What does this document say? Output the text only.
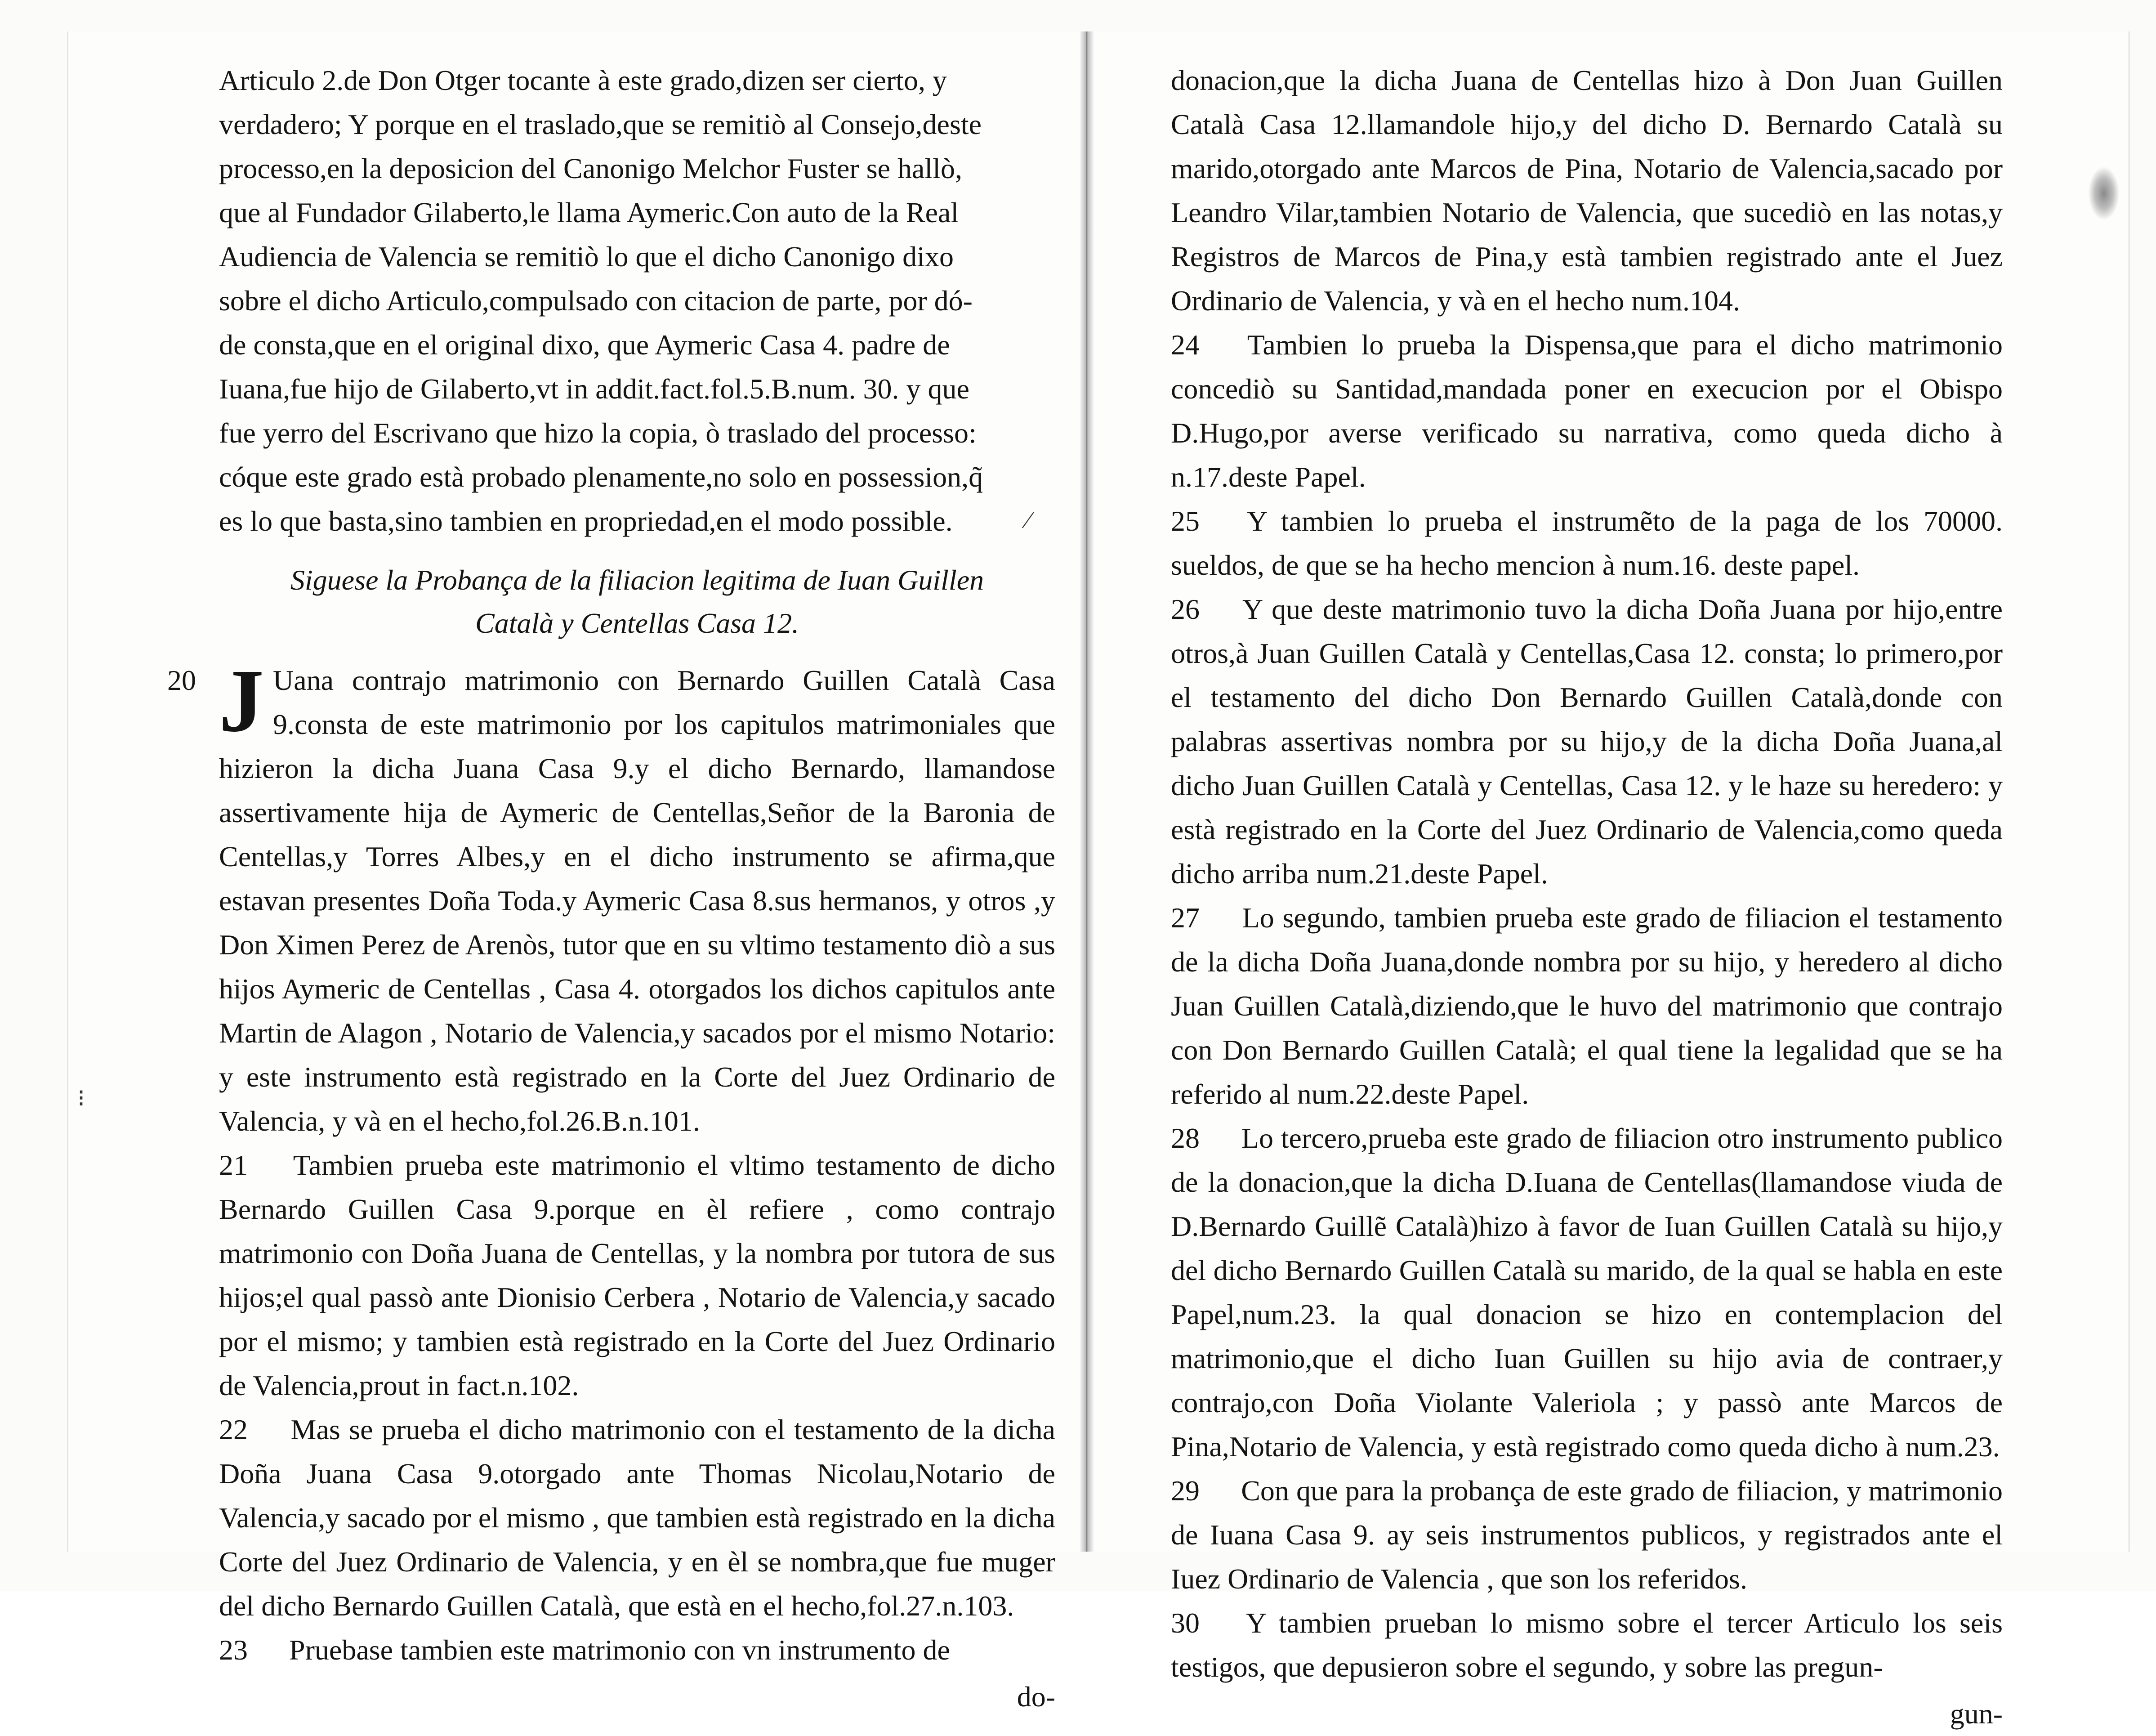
⁝
⁄

Articulo 2.de Don Otger tocante à este grado,dizen ser cierto, y

verdadero; Y porque en el traslado,que se remitiò al Consejo,deste

processo,en la deposicion del Canonigo Melchor Fuster se hallò,

que al Fundador Gilaberto,le llama Aymeric.Con auto de la Real

Audiencia de Valencia se remitiò lo que el dicho Canonigo dixo

sobre el dicho Articulo,compulsado con citacion de parte, por dó-

de consta,que en el original dixo, que Aymeric Casa 4. padre de

Iuana,fue hijo de Gilaberto,vt in addit.fact.fol.5.B.num. 30. y que

fue yerro del Escrivano que hizo la copia, ò traslado del processo:

cóque este grado està probado plenamente,no solo en possession,q̃

es lo que basta,sino tambien en propriedad,en el modo possible.

Siguese la Probança de la filiacion legitima de Iuan Guillen
Català y Centellas Casa 12.

20 J Uana contrajo matrimonio con Bernardo Guillen Català Casa 9.consta de este matrimonio por los capitulos matrimoniales que hizieron la dicha Juana Casa 9.y el dicho Bernardo, llamandose assertivamente hija de Aymeric de Centellas,Señor de la Baronia de Centellas,y Torres Albes,y en el dicho instrumento se afirma,que estavan presentes Doña Toda.y Aymeric Casa 8.sus hermanos, y otros ,y Don Ximen Perez de Arenòs, tutor que en su vltimo testamento diò a sus hijos Aymeric de Centellas , Casa 4. otorgados los dichos capitulos ante Martin de Alagon , Notario de Valencia,y sacados por el mismo Notario: y este instrumento està registrado en la Corte del Juez Ordinario de Valencia, y và en el hecho,fol.26.B.n.101.

21 Tambien prueba este matrimonio el vltimo testamento de dicho Bernardo Guillen Casa 9.porque en èl refiere , como contrajo matrimonio con Doña Juana de Centellas, y la nombra por tutora de sus hijos;el qual passò ante Dionisio Cerbera , Notario de Valencia,y sacado por el mismo; y tambien està registrado en la Corte del Juez Ordinario de Valencia,prout in fact.n.102.

22 Mas se prueba el dicho matrimonio con el testamento de la dicha Doña Juana Casa 9.otorgado ante Thomas Nicolau,Notario de Valencia,y sacado por el mismo , que tambien està registrado en la dicha Corte del Juez Ordinario de Valencia, y en èl se nombra,que fue muger del dicho Bernardo Guillen Català, que està en el hecho,fol.27.n.103.

23 Pruebase tambien este matrimonio con vn instrumento de

do-

donacion,que la dicha Juana de Centellas hizo à Don Juan Guillen Català Casa 12.llamandole hijo,y del dicho D. Bernardo Català su marido,otorgado ante Marcos de Pina, Notario de Valencia,sacado por Leandro Vilar,tambien Notario de Valencia, que sucediò en las notas,y Registros de Marcos de Pina,y està tambien registrado ante el Juez Ordinario de Valencia, y và en el hecho num.104.

24 Tambien lo prueba la Dispensa,que para el dicho matrimonio concediò su Santidad,mandada poner en execucion por el Obispo D.Hugo,por averse verificado su narrativa, como queda dicho à n.17.deste Papel.

25 Y tambien lo prueba el instrumẽto de la paga de los 70000. sueldos, de que se ha hecho mencion à num.16. deste papel.

26 Y que deste matrimonio tuvo la dicha Doña Juana por hijo,entre otros,à Juan Guillen Català y Centellas,Casa 12. consta; lo primero,por el testamento del dicho Don Bernardo Guillen Català,donde con palabras assertivas nombra por su hijo,y de la dicha Doña Juana,al dicho Juan Guillen Català y Centellas, Casa 12. y le haze su heredero: y està registrado en la Corte del Juez Ordinario de Valencia,como queda dicho arriba num.21.deste Papel.

27 Lo segundo, tambien prueba este grado de filiacion el testamento de la dicha Doña Juana,donde nombra por su hijo, y heredero al dicho Juan Guillen Català,diziendo,que le huvo del matrimonio que contrajo con Don Bernardo Guillen Català; el qual tiene la legalidad que se ha referido al num.22.deste Papel.

28 Lo tercero,prueba este grado de filiacion otro instrumento publico de la donacion,que la dicha D.Iuana de Centellas(llamandose viuda de D.Bernardo Guillẽ Català)hizo à favor de Iuan Guillen Català su hijo,y del dicho Bernardo Guillen Català su marido, de la qual se habla en este Papel,num.23. la qual donacion se hizo en contemplacion del matrimonio,que el dicho Iuan Guillen su hijo avia de contraer,y contrajo,con Doña Violante Valeriola ; y passò ante Marcos de Pina,Notario de Valencia, y està registrado como queda dicho à num.23.

29 Con que para la probança de este grado de filiacion, y matrimonio de Iuana Casa 9. ay seis instrumentos publicos, y registrados ante el Iuez Ordinario de Valencia , que son los referidos.

30 Y tambien prueban lo mismo sobre el tercer Articulo los seis testigos, que depusieron sobre el segundo, y sobre las pregun-

gun-
